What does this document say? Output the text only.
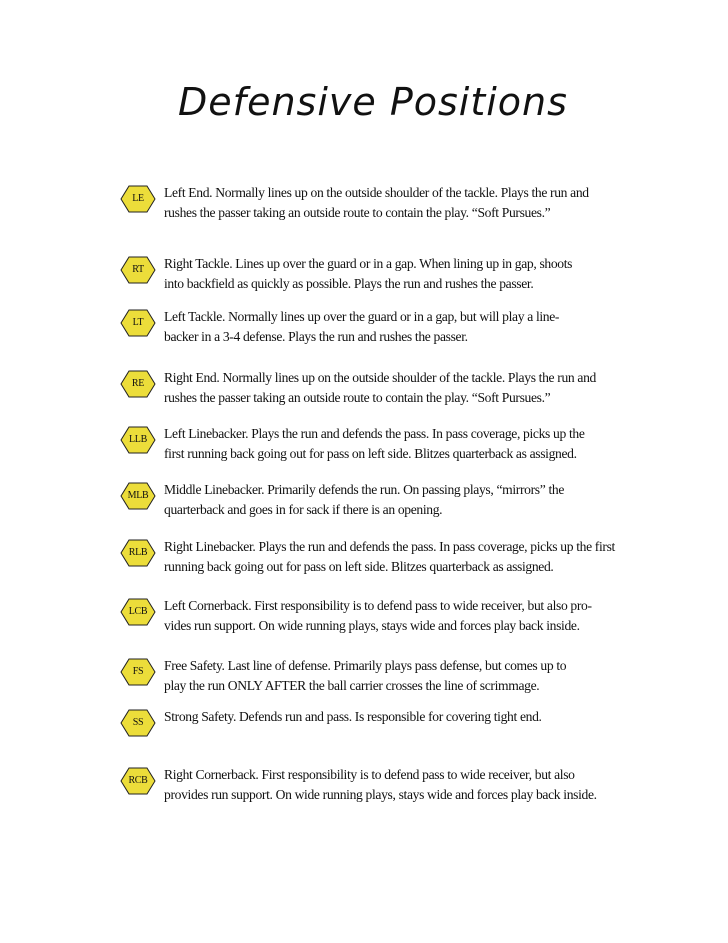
Defensive Positions
LE	Left End. Normally lines up on the outside shoulder of the tackle. Plays the run and
rushes the passer taking an outside route to contain the play. “Soft Pursues.”
RT	Right Tackle. Lines up over the guard or in a gap. When lining up in gap, shoots
into backfield as quickly as possible. Plays the run and rushes the passer.
LT	Left Tackle. Normally lines up over the guard or in a gap, but will play a line-
backer in a 3-4 defense. Plays the run and rushes the passer.
RE	Right End. Normally lines up on the outside shoulder of the tackle. Plays the run and
rushes the passer taking an outside route to contain the play. “Soft Pursues.”
LLB	Left Linebacker. Plays the run and defends the pass. In pass coverage, picks up the
first running back going out for pass on left side. Blitzes quarterback as assigned.
MLB	Middle Linebacker. Primarily defends the run. On passing plays, “mirrors” the
quarterback and goes in for sack if there is an opening.
RLB	Right Linebacker. Plays the run and defends the pass. In pass coverage, picks up the first
running back going out for pass on left side. Blitzes quarterback as assigned.
LCB	Left Cornerback. First responsibility is to defend pass to wide receiver, but also pro-
vides run support. On wide running plays, stays wide and forces play back inside.
FS	Free Safety. Last line of defense. Primarily plays pass defense, but comes up to
play the run ONLY AFTER the ball carrier crosses the line of scrimmage.
SS	Strong Safety. Defends run and pass. Is responsible for covering tight end.
RCB	Right Cornerback. First responsibility is to defend pass to wide receiver, but also
provides run support. On wide running plays, stays wide and forces play back inside.
